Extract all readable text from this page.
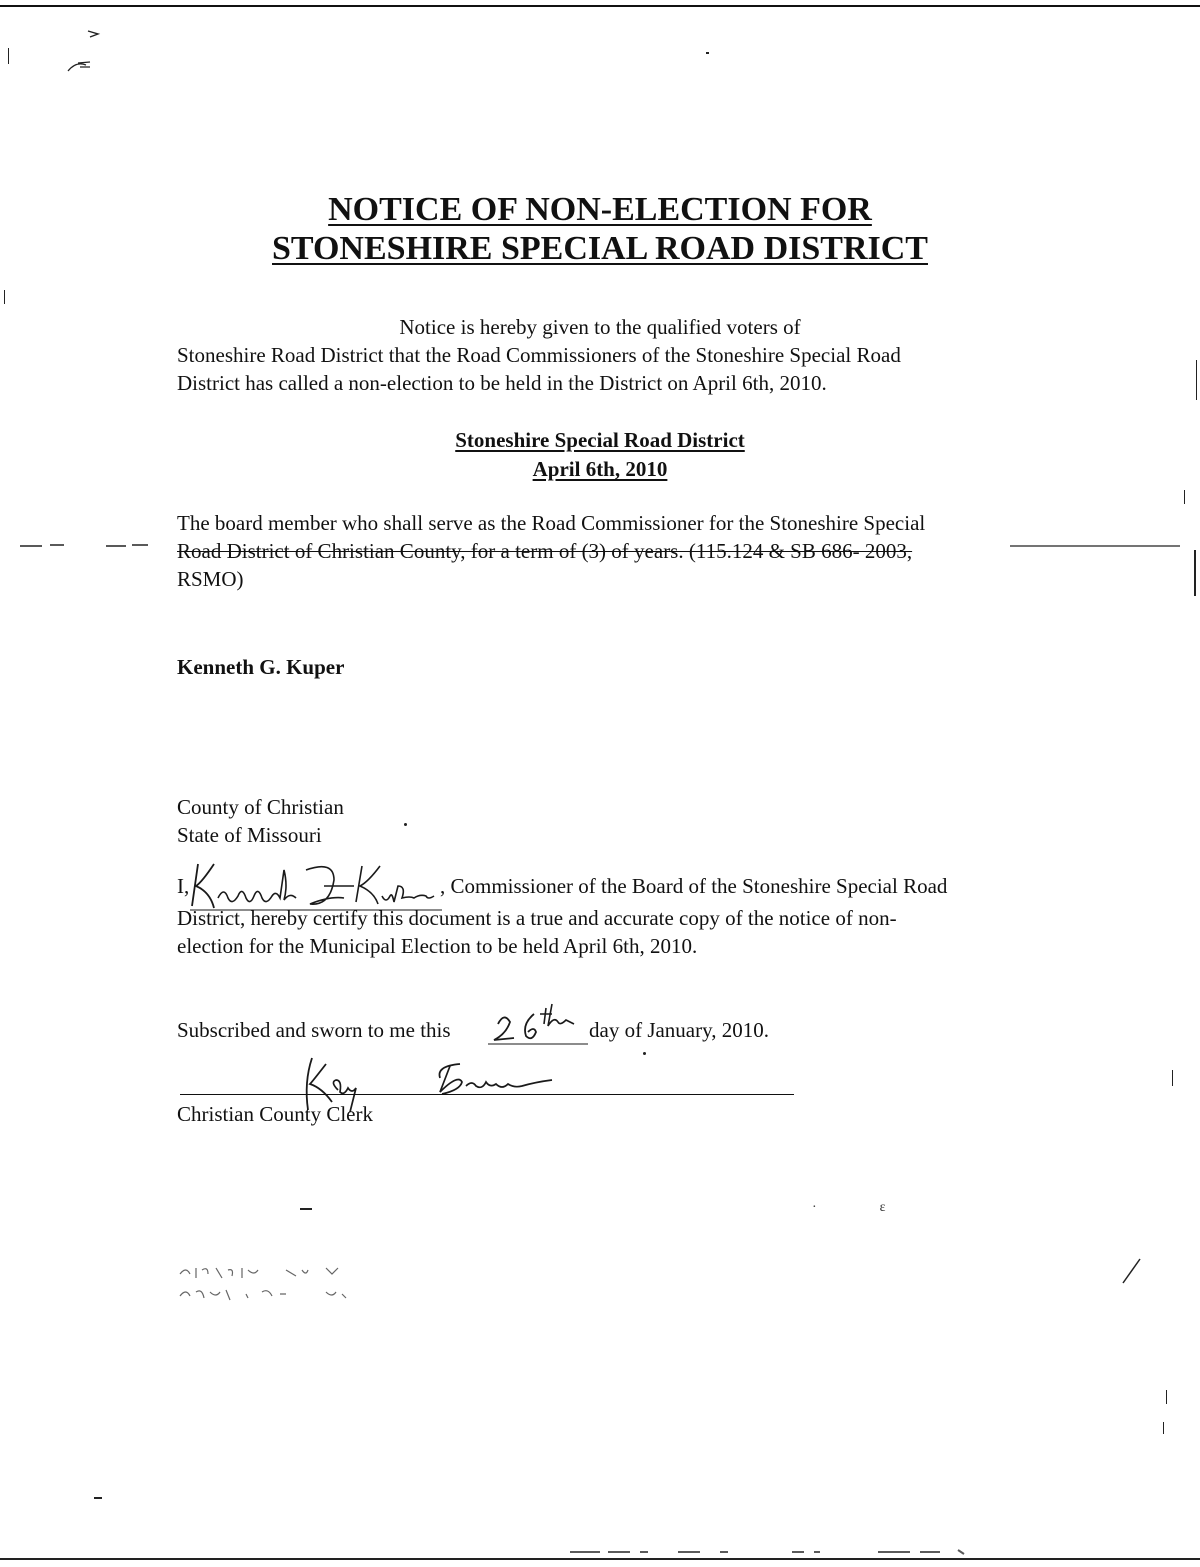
NOTICE OF NON-ELECTION FOR
STONESHIRE SPECIAL ROAD DISTRICT
Notice is hereby given to the qualified voters of
Stoneshire Road District that the Road Commissioners of the Stoneshire Special Road
District has called a non-election to be held in the District on April 6th, 2010.
Stoneshire Special Road District
April 6th, 2010
The board member who shall serve as the Road Commissioner for the Stoneshire Special
Road District of Christian County, for a term of (3) of years. (115.124 & SB 686- 2003,
RSMO)
Kenneth G. Kuper
County of Christian
State of Missouri
I,	, Commissioner of the Board of the Stoneshire Special Road
District, hereby certify this document is a true and accurate copy of the notice of non-
election for the Municipal Election to be held April 6th, 2010.
Subscribed and sworn to me this	day of January, 2010.
Christian County Clerk
·                  ε
